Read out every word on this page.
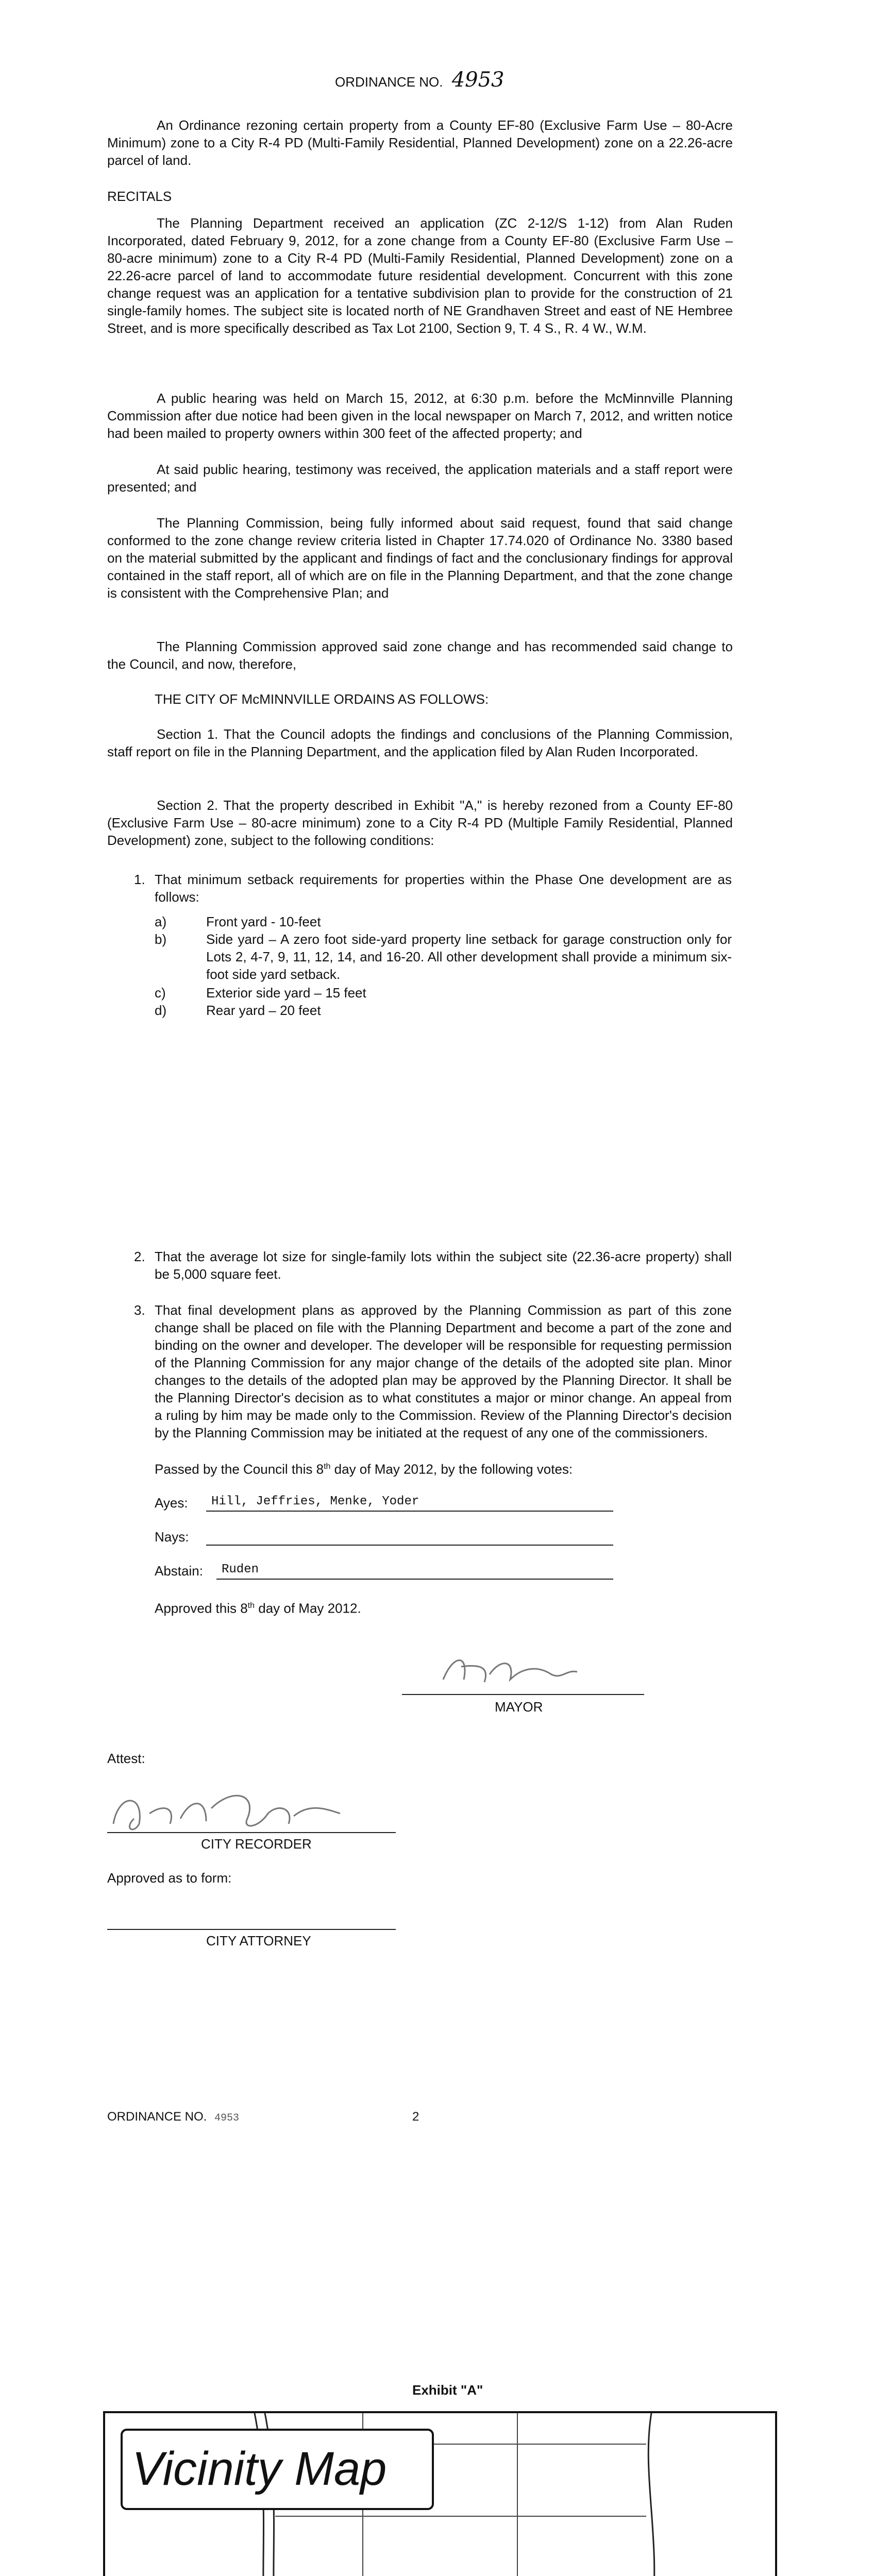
ORDINANCE NO. 4953

An Ordinance rezoning certain property from a County EF-80 (Exclusive Farm Use – 80-Acre Minimum) zone to a City R-4 PD (Multi-Family Residential, Planned Development) zone on a 22.26-acre parcel of land.

RECITALS

The Planning Department received an application (ZC 2-12/S 1-12) from Alan Ruden Incorporated, dated February 9, 2012, for a zone change from a County EF-80 (Exclusive Farm Use – 80-acre minimum) zone to a City R-4 PD (Multi-Family Residential, Planned Development) zone on a 22.26-acre parcel of land to accommodate future residential development. Concurrent with this zone change request was an application for a tentative subdivision plan to provide for the construction of 21 single-family homes. The subject site is located north of NE Grandhaven Street and east of NE Hembree Street, and is more specifically described as Tax Lot 2100, Section 9, T. 4 S., R. 4 W., W.M.

A public hearing was held on March 15, 2012, at 6:30 p.m. before the McMinnville Planning Commission after due notice had been given in the local newspaper on March 7, 2012, and written notice had been mailed to property owners within 300 feet of the affected property; and

At said public hearing, testimony was received, the application materials and a staff report were presented; and

The Planning Commission, being fully informed about said request, found that said change conformed to the zone change review criteria listed in Chapter 17.74.020 of Ordinance No. 3380 based on the material submitted by the applicant and findings of fact and the conclusionary findings for approval contained in the staff report, all of which are on file in the Planning Department, and that the zone change is consistent with the Comprehensive Plan; and

The Planning Commission approved said zone change and has recommended said change to the Council, and now, therefore,

THE CITY OF McMINNVILLE ORDAINS AS FOLLOWS:

Section 1. That the Council adopts the findings and conclusions of the Planning Commission, staff report on file in the Planning Department, and the application filed by Alan Ruden Incorporated.

Section 2. That the property described in Exhibit "A," is hereby rezoned from a County EF-80 (Exclusive Farm Use – 80-acre minimum) zone to a City R-4 PD (Multiple Family Residential, Planned Development) zone, subject to the following conditions:

1. That minimum setback requirements for properties within the Phase One development are as follows:

a)	Front yard - 10-feet

b)	Side yard – A zero foot side-yard property line setback for garage construction only for Lots 2, 4-7, 9, 11, 12, 14, and 16-20. All other development shall provide a minimum six-foot side yard setback.

c)	Exterior side yard – 15 feet

d)	Rear yard – 20 feet

2. That the average lot size for single-family lots within the subject site (22.36-acre property) shall be 5,000 square feet.

3. That final development plans as approved by the Planning Commission as part of this zone change shall be placed on file with the Planning Department and become a part of the zone and binding on the owner and developer. The developer will be responsible for requesting permission of the Planning Commission for any major change of the details of the adopted site plan. Minor changes to the details of the adopted plan may be approved by the Planning Director. It shall be the Planning Director's decision as to what constitutes a major or minor change. An appeal from a ruling by him may be made only to the Commission. Review of the Planning Director's decision by the Planning Commission may be initiated at the request of any one of the commissioners.

Passed by the Council this 8th day of May 2012, by the following votes:
Ayes: Hill, Jeffries, Menke, Yoder
Nays:
Abstain: Ruden
Approved this 8th day of May 2012.
MAYOR
Attest:
CITY RECORDER
Approved as to form:
CITY ATTORNEY
ORDINANCE NO. 4953	2
Exhibit "A"
Vicinity Map
